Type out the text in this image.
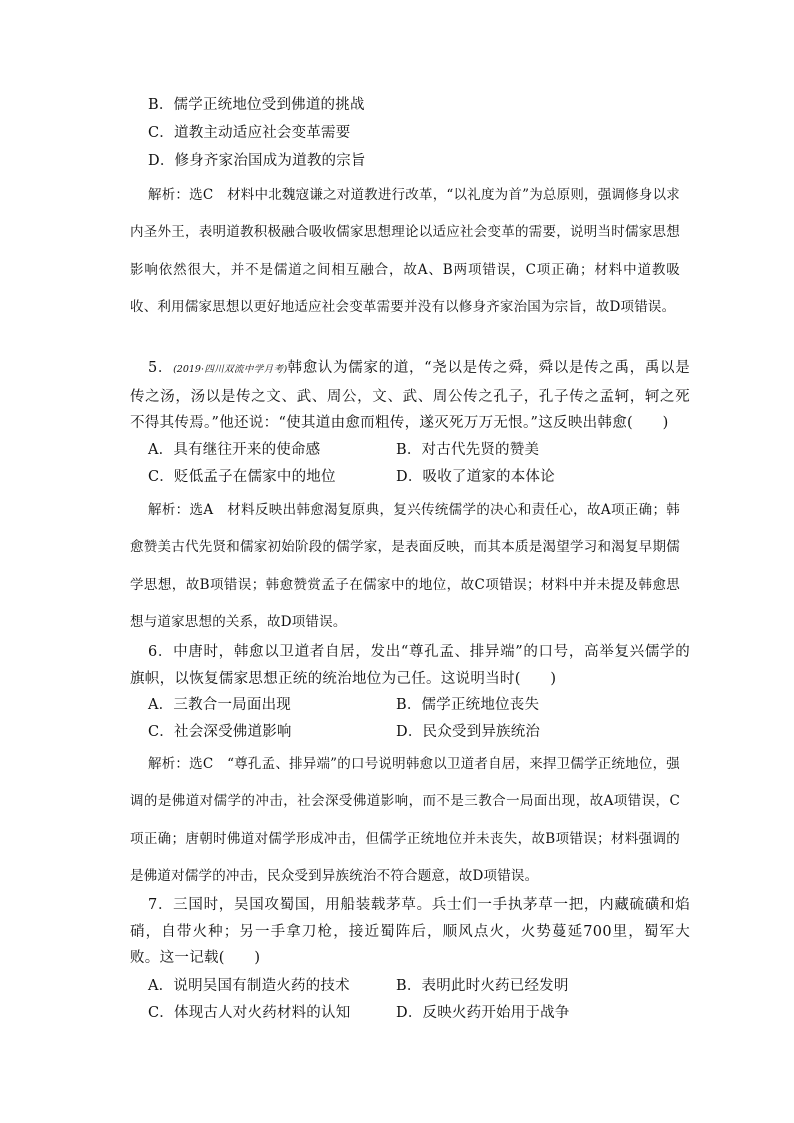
B．儒学正统地位受到佛道的挑战
C．道教主动适应社会变革需要
D．修身齐家治国成为道教的宗旨
解析：选C　材料中北魏寇谦之对道教进行改革，“以礼度为首”为总原则，强调修身以求内圣外王，表明道教积极融合吸收儒家思想理论以适应社会变革的需要，说明当时儒家思想影响依然很大，并不是儒道之间相互融合，故A、B两项错误，C项正确；材料中道教吸收、利用儒家思想以更好地适应社会变革需要并没有以修身齐家治国为宗旨，故D项错误。
5．(2019·四川双流中学月考)韩愈认为儒家的道，“尧以是传之舜，舜以是传之禹，禹以是传之汤，汤以是传之文、武、周公，文、武、周公传之孔子，孔子传之孟轲，轲之死不得其传焉。”他还说：“使其道由愈而粗传，遂灭死万万无恨。”这反映出韩愈(　　)
A．具有继往开来的使命感	B．对古代先贤的赞美
C．贬低孟子在儒家中的地位	D．吸收了道家的本体论
解析：选A　材料反映出韩愈渴复原典，复兴传统儒学的决心和责任心，故A项正确；韩愈赞美古代先贤和儒家初始阶段的儒学家，是表面反映，而其本质是渴望学习和渴复早期儒学思想，故B项错误；韩愈赞赏孟子在儒家中的地位，故C项错误；材料中并未提及韩愈思想与道家思想的关系，故D项错误。
6．中唐时，韩愈以卫道者自居，发出“尊孔孟、排异端”的口号，高举复兴儒学的旗帜，以恢复儒家思想正统的统治地位为己任。这说明当时(　　)
A．三教合一局面出现	B．儒学正统地位丧失
C．社会深受佛道影响	D．民众受到异族统治
解析：选C　“尊孔孟、排异端”的口号说明韩愈以卫道者自居，来捍卫儒学正统地位，强调的是佛道对儒学的冲击，社会深受佛道影响，而不是三教合一局面出现，故A项错误，C项正确；唐朝时佛道对儒学形成冲击，但儒学正统地位并未丧失，故B项错误；材料强调的是佛道对儒学的冲击，民众受到异族统治不符合题意，故D项错误。
7．三国时，吴国攻蜀国，用船装载茅草。兵士们一手执茅草一把，内藏硫磺和焰硝，自带火种；另一手拿刀枪，接近蜀阵后，顺风点火，火势蔓延700里，蜀军大败。这一记载(　　)
A．说明吴国有制造火药的技术	B．表明此时火药已经发明
C．体现古人对火药材料的认知	D．反映火药开始用于战争
